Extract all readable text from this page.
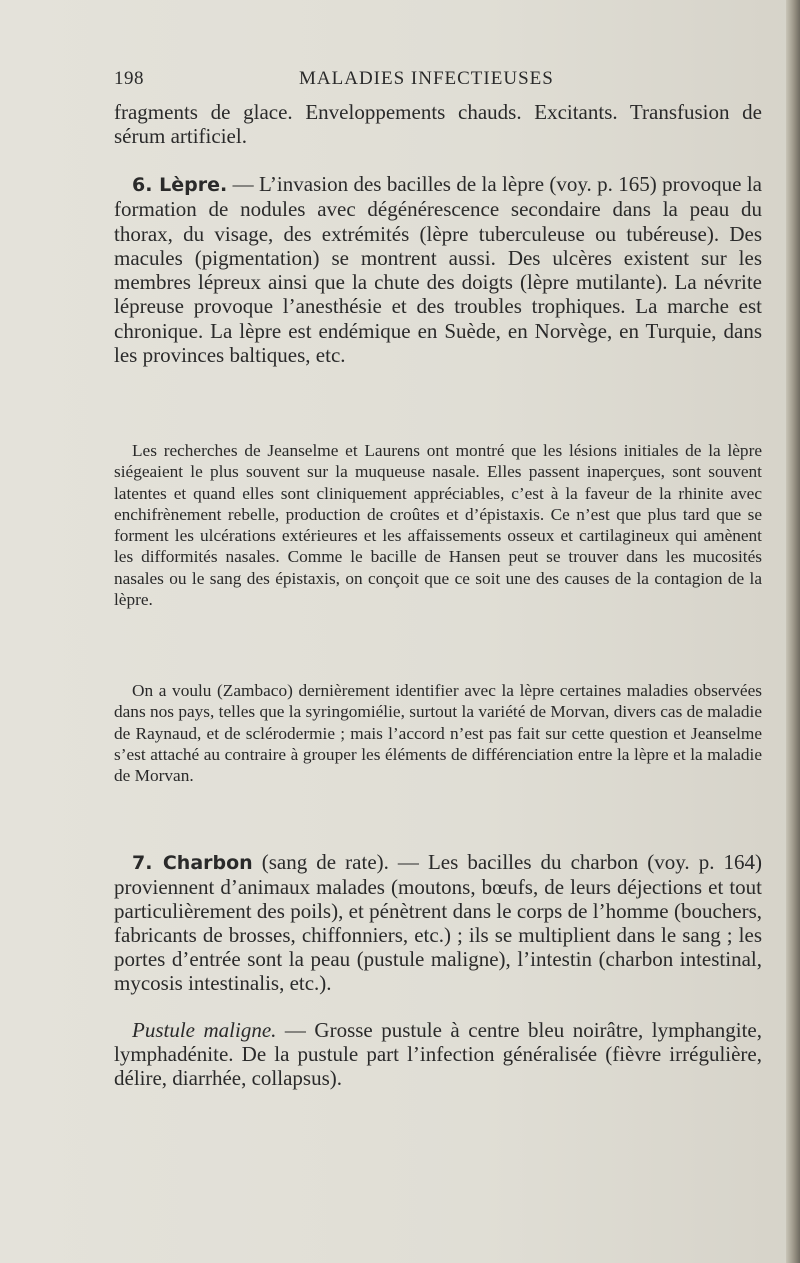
198	MALADIES INFECTIEUSES

fragments de glace. Enveloppements chauds. Excitants. Transfusion de sérum artificiel.

6. Lèpre. — L’invasion des bacilles de la lèpre (voy. p. 165) provoque la formation de nodules avec dégénérescence secondaire dans la peau du thorax, du visage, des extrémités (lèpre tuberculeuse ou tubéreuse). Des macules (pigmentation) se montrent aussi. Des ulcères existent sur les membres lépreux ainsi que la chute des doigts (lèpre mutilante). La névrite lépreuse provoque l’anesthésie et des troubles trophiques. La marche est chronique. La lèpre est endémique en Suède, en Norvège, en Turquie, dans les provinces baltiques, etc.

Les recherches de Jeanselme et Laurens ont montré que les lésions initiales de la lèpre siégeaient le plus souvent sur la muqueuse nasale. Elles passent inaperçues, sont souvent latentes et quand elles sont cliniquement appréciables, c’est à la faveur de la rhinite avec enchifrènement rebelle, production de croûtes et d’épistaxis. Ce n’est que plus tard que se forment les ulcérations extérieures et les affaissements osseux et cartilagineux qui amènent les difformités nasales. Comme le bacille de Hansen peut se trouver dans les mucosités nasales ou le sang des épistaxis, on conçoit que ce soit une des causes de la contagion de la lèpre.

On a voulu (Zambaco) dernièrement identifier avec la lèpre certaines maladies observées dans nos pays, telles que la syringomiélie, surtout la variété de Morvan, divers cas de maladie de Raynaud, et de sclérodermie ; mais l’accord n’est pas fait sur cette question et Jeanselme s’est attaché au contraire à grouper les éléments de différenciation entre la lèpre et la maladie de Morvan.

7. Charbon (sang de rate). — Les bacilles du charbon (voy. p. 164) proviennent d’animaux malades (moutons, bœufs, de leurs déjections et tout particulièrement des poils), et pénètrent dans le corps de l’homme (bouchers, fabricants de brosses, chiffonniers, etc.) ; ils se multiplient dans le sang ; les portes d’entrée sont la peau (pustule maligne), l’intestin (charbon intestinal, mycosis intestinalis, etc.).

Pustule maligne. — Grosse pustule à centre bleu noirâtre, lymphangite, lymphadénite. De la pustule part l’infection généralisée (fièvre irrégulière, délire, diarrhée, collapsus).
